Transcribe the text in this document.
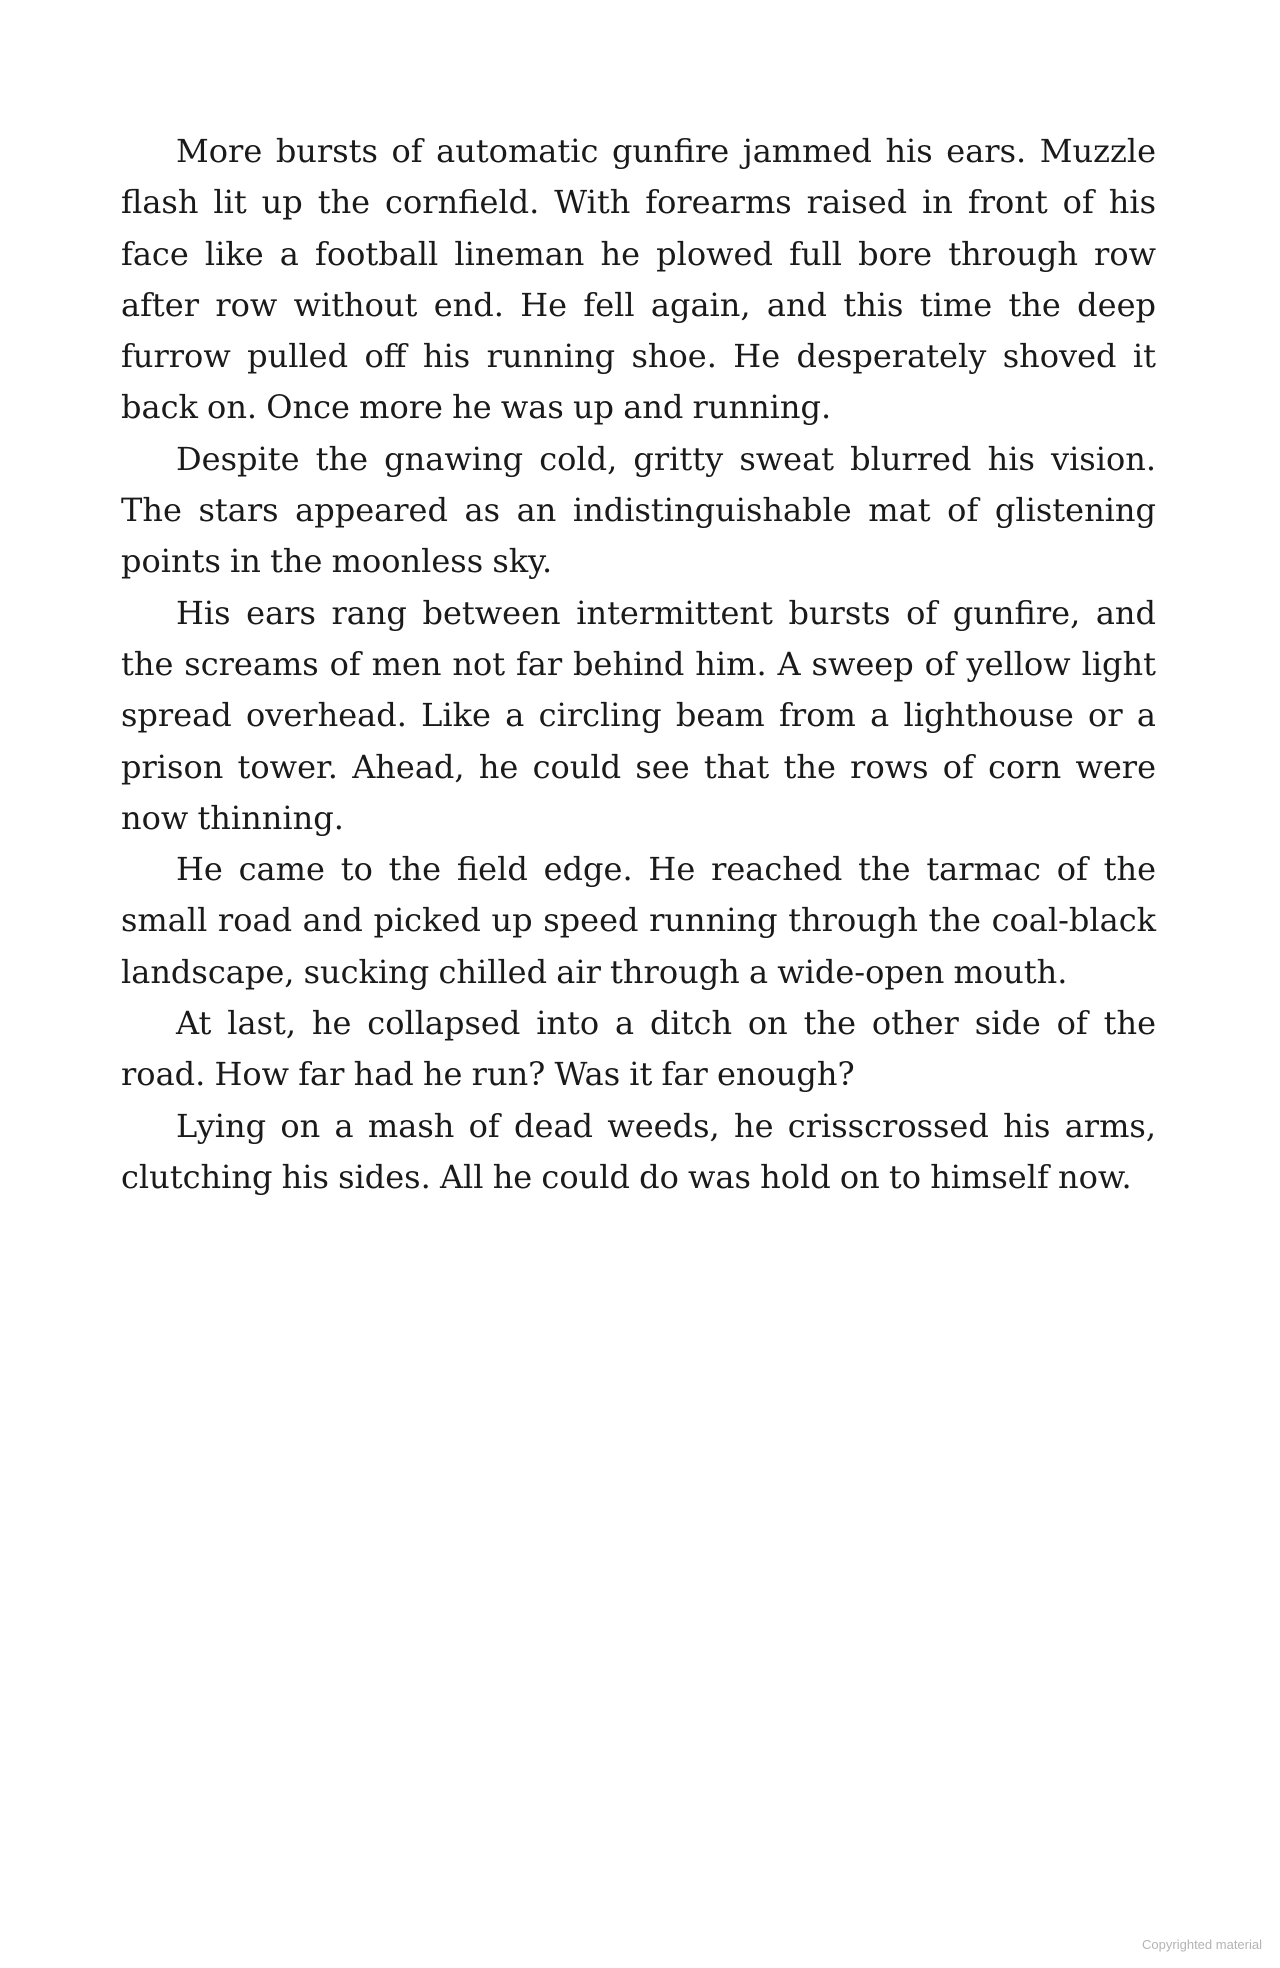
More bursts of automatic gunfire jammed his ears. Muzzle flash lit up the cornfield. With forearms raised in front of his face like a football lineman he plowed full bore through row after row without end. He fell again, and this time the deep furrow pulled off his running shoe. He desperately shoved it back on. Once more he was up and running.

Despite the gnawing cold, gritty sweat blurred his vision. The stars appeared as an indistinguishable mat of glistening points in the moonless sky.

His ears rang between intermittent bursts of gunfire, and the screams of men not far behind him. A sweep of yellow light spread overhead. Like a circling beam from a lighthouse or a prison tower. Ahead, he could see that the rows of corn were now thinning.

He came to the field edge. He reached the tarmac of the small road and picked up speed running through the coal-black landscape, sucking chilled air through a wide-open mouth.

At last, he collapsed into a ditch on the other side of the road. How far had he run? Was it far enough?

Lying on a mash of dead weeds, he crisscrossed his arms, clutching his sides. All he could do was hold on to himself now.

Copyrighted material
